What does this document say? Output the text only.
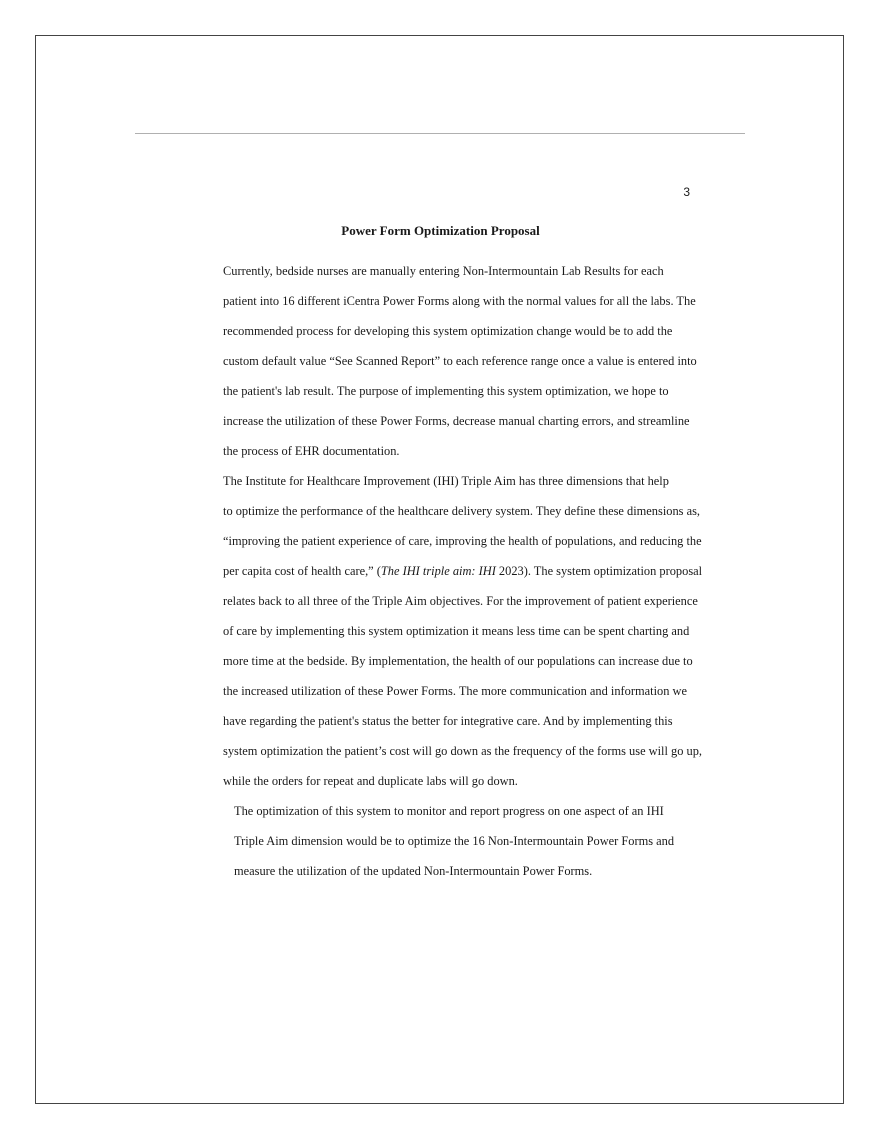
3
Power Form Optimization Proposal

Currently, bedside nurses are manually entering Non-Intermountain Lab Results for each
patient into 16 different iCentra Power Forms along with the normal values for all the labs. The
recommended process for developing this system optimization change would be to add the
custom default value “See Scanned Report” to each reference range once a value is entered into
the patient's lab result. The purpose of implementing this system optimization, we hope to
increase the utilization of these Power Forms, decrease manual charting errors, and streamline
the process of EHR documentation.

The Institute for Healthcare Improvement (IHI) Triple Aim has three dimensions that help
to optimize the performance of the healthcare delivery system. They define these dimensions as,
“improving the patient experience of care, improving the health of populations, and reducing the
per capita cost of health care,” (The IHI triple aim: IHI 2023). The system optimization proposal
relates back to all three of the Triple Aim objectives. For the improvement of patient experience
of care by implementing this system optimization it means less time can be spent charting and
more time at the bedside. By implementation, the health of our populations can increase due to
the increased utilization of these Power Forms. The more communication and information we
have regarding the patient's status the better for integrative care. And by implementing this
system optimization the patient’s cost will go down as the frequency of the forms use will go up,
while the orders for repeat and duplicate labs will go down.

The optimization of this system to monitor and report progress on one aspect of an IHI
Triple Aim dimension would be to optimize the 16 Non-Intermountain Power Forms and
measure the utilization of the updated Non-Intermountain Power Forms.
